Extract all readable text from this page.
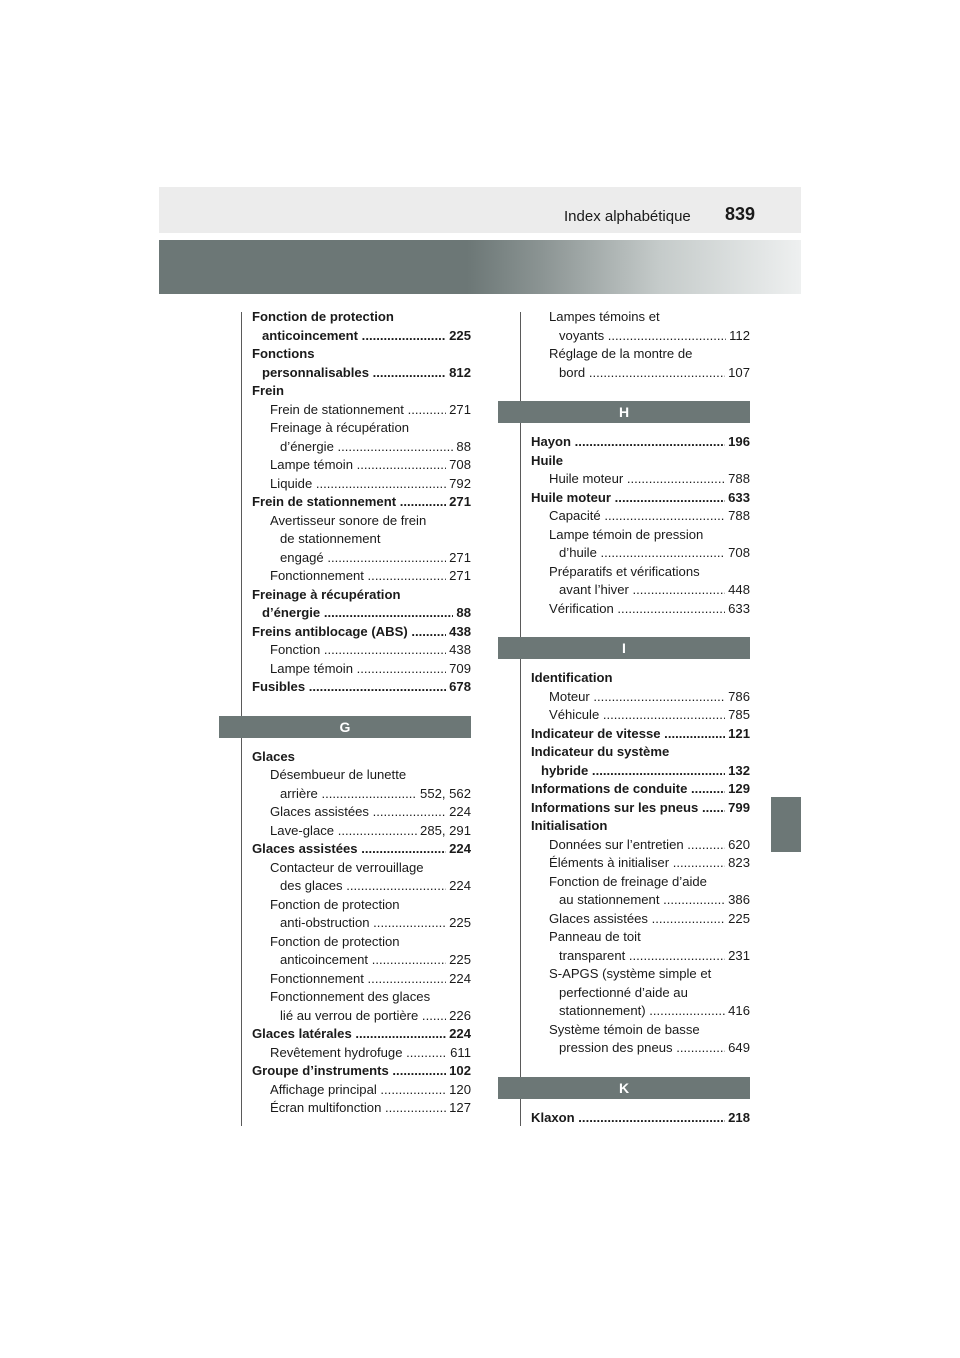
Index alphabétique 839
Fonction de protection
anticoincement .....	225
Fonctions
personnalisables .....	812
Frein
Frein de stationnement .....	271
Freinage à récupération
d’énergie .....	88
Lampe témoin .....	708
Liquide .....	792
Frein de stationnement .....	271
Avertisseur sonore de frein
de stationnement
engagé .....	271
Fonctionnement .....	271
Freinage à récupération
d’énergie .....	88
Freins antiblocage (ABS) .....	438
Fonction .....	438
Lampe témoin .....	709
Fusibles .....	678
G
Glaces
Désembueur de lunette
arrière .....	552, 562
Glaces assistées .....	224
Lave-glace .....	285, 291
Glaces assistées .....	224
Contacteur de verrouillage
des glaces .....	224
Fonction de protection
anti-obstruction .....	225
Fonction de protection
anticoincement .....	225
Fonctionnement .....	224
Fonctionnement des glaces
lié au verrou de portière ..... 226
Glaces latérales .....	224
Revêtement hydrofuge .....	611
Groupe d’instruments .....	102
Affichage principal .....	120
Écran multifonction .....	127
Lampes témoins et
voyants .....	112
Réglage de la montre de
bord .....	107
H
Hayon .....	196
Huile
Huile moteur .....	788
Huile moteur .....	633
Capacité .....	788
Lampe témoin de pression
d’huile .....	708
Préparatifs et vérifications
avant l’hiver .....	448
Vérification .....	633
I
Identification
Moteur .....	786
Véhicule .....	785
Indicateur de vitesse .....	121
Indicateur du système
hybride .....	132
Informations de conduite .....	129
Informations sur les pneus ..... 799
Initialisation
Données sur l’entretien .....	620
Éléments à initialiser .....	823
Fonction de freinage d’aide
au stationnement .....	386
Glaces assistées .....	225
Panneau de toit
transparent .....	231
S-APGS (système simple et
perfectionné d’aide au
stationnement) .....	416
Système témoin de basse
pression des pneus .....	649
K
Klaxon .....	218
